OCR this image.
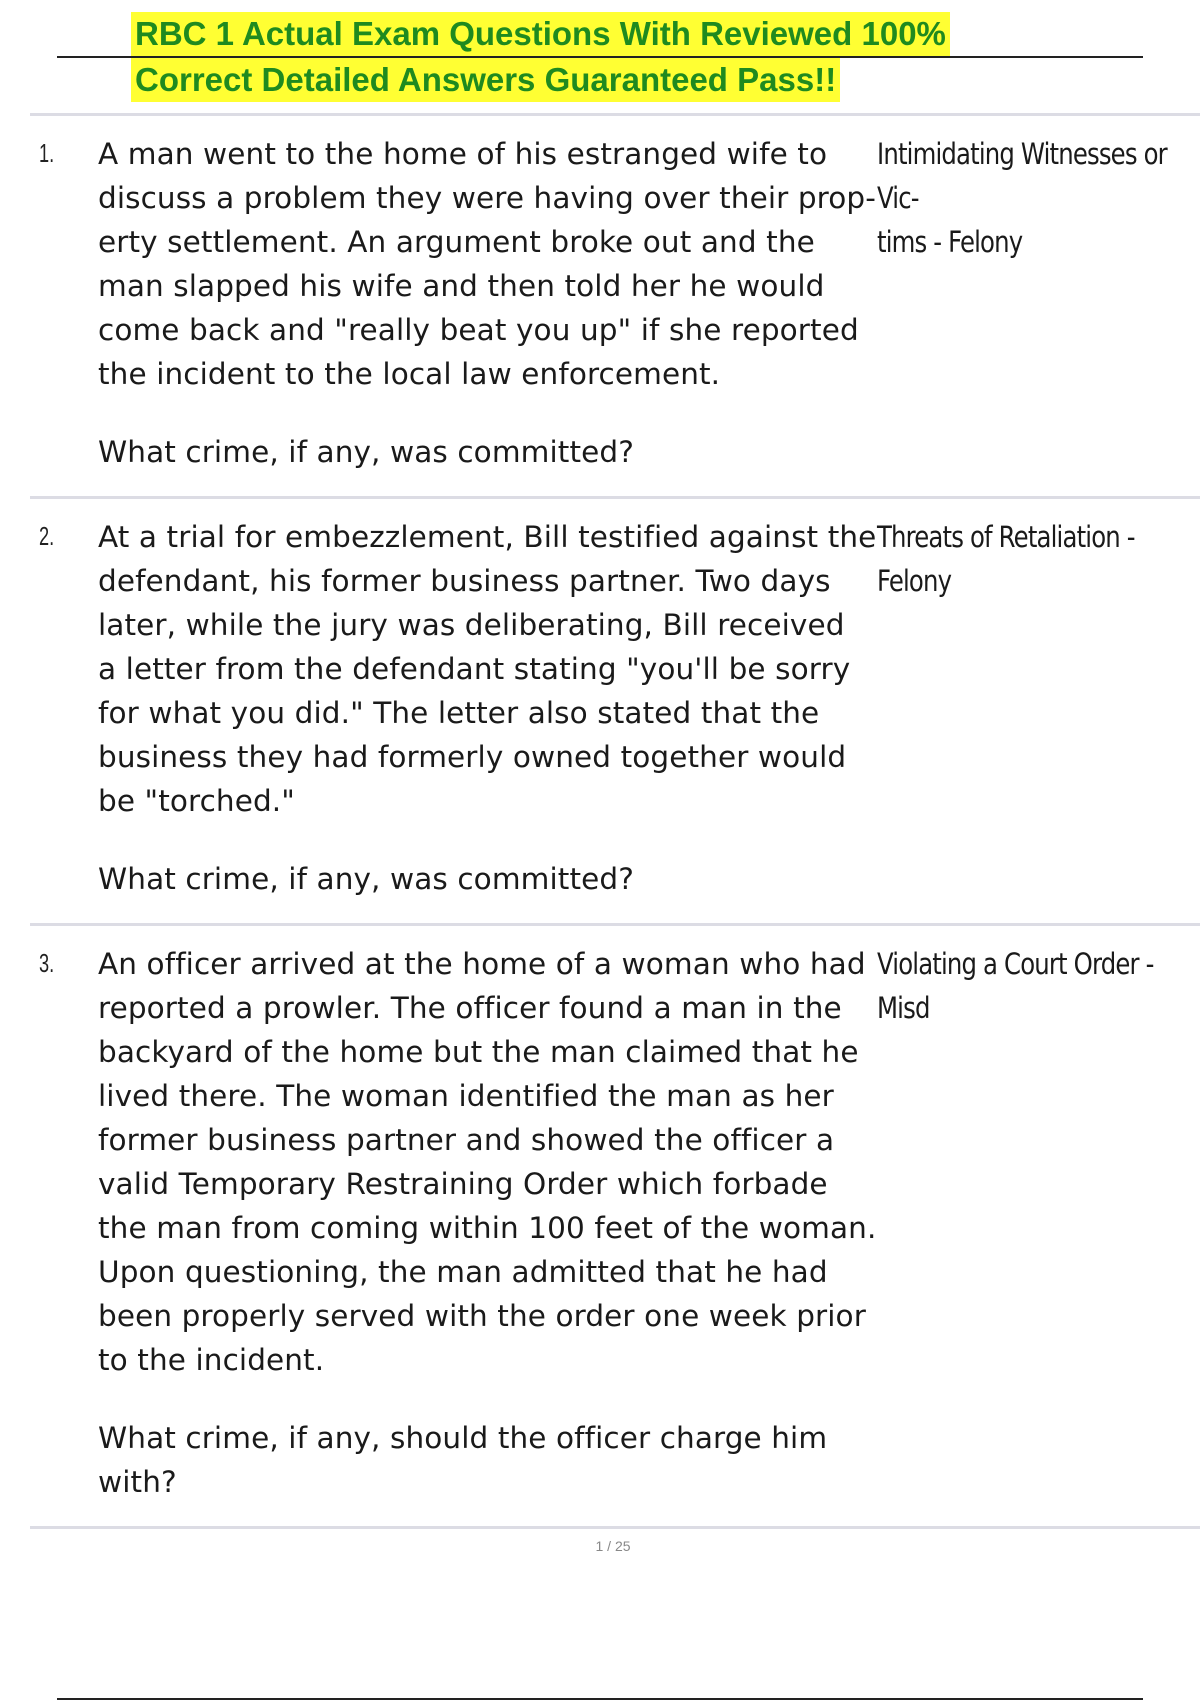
RBC 1 Actual Exam Questions With Reviewed 100%
Correct Detailed Answers Guaranteed Pass!!
1. A man went to the home of his estranged wife to
discuss a problem they were having over their prop-
erty settlement. An argument broke out and the
man slapped his wife and then told her he would
come back and "really beat you up" if she reported
the incident to the local law enforcement.

What crime, if any, was committed?

Intimidating Witnesses or Vic-
tims - Felony
2. At a trial for embezzlement, Bill testified against the
defendant, his former business partner. Two days
later, while the jury was deliberating, Bill received
a letter from the defendant stating "you'll be sorry
for what you did." The letter also stated that the
business they had formerly owned together would
be "torched."

What crime, if any, was committed?

Threats of Retaliation - Felony
3. An officer arrived at the home of a woman who had
reported a prowler. The officer found a man in the
backyard of the home but the man claimed that he
lived there. The woman identified the man as her
former business partner and showed the officer a
valid Temporary Restraining Order which forbade
the man from coming within 100 feet of the woman.
Upon questioning, the man admitted that he had
been properly served with the order one week prior
to the incident.

What crime, if any, should the officer charge him
with?

Violating a Court Order - Misd
1 / 25
